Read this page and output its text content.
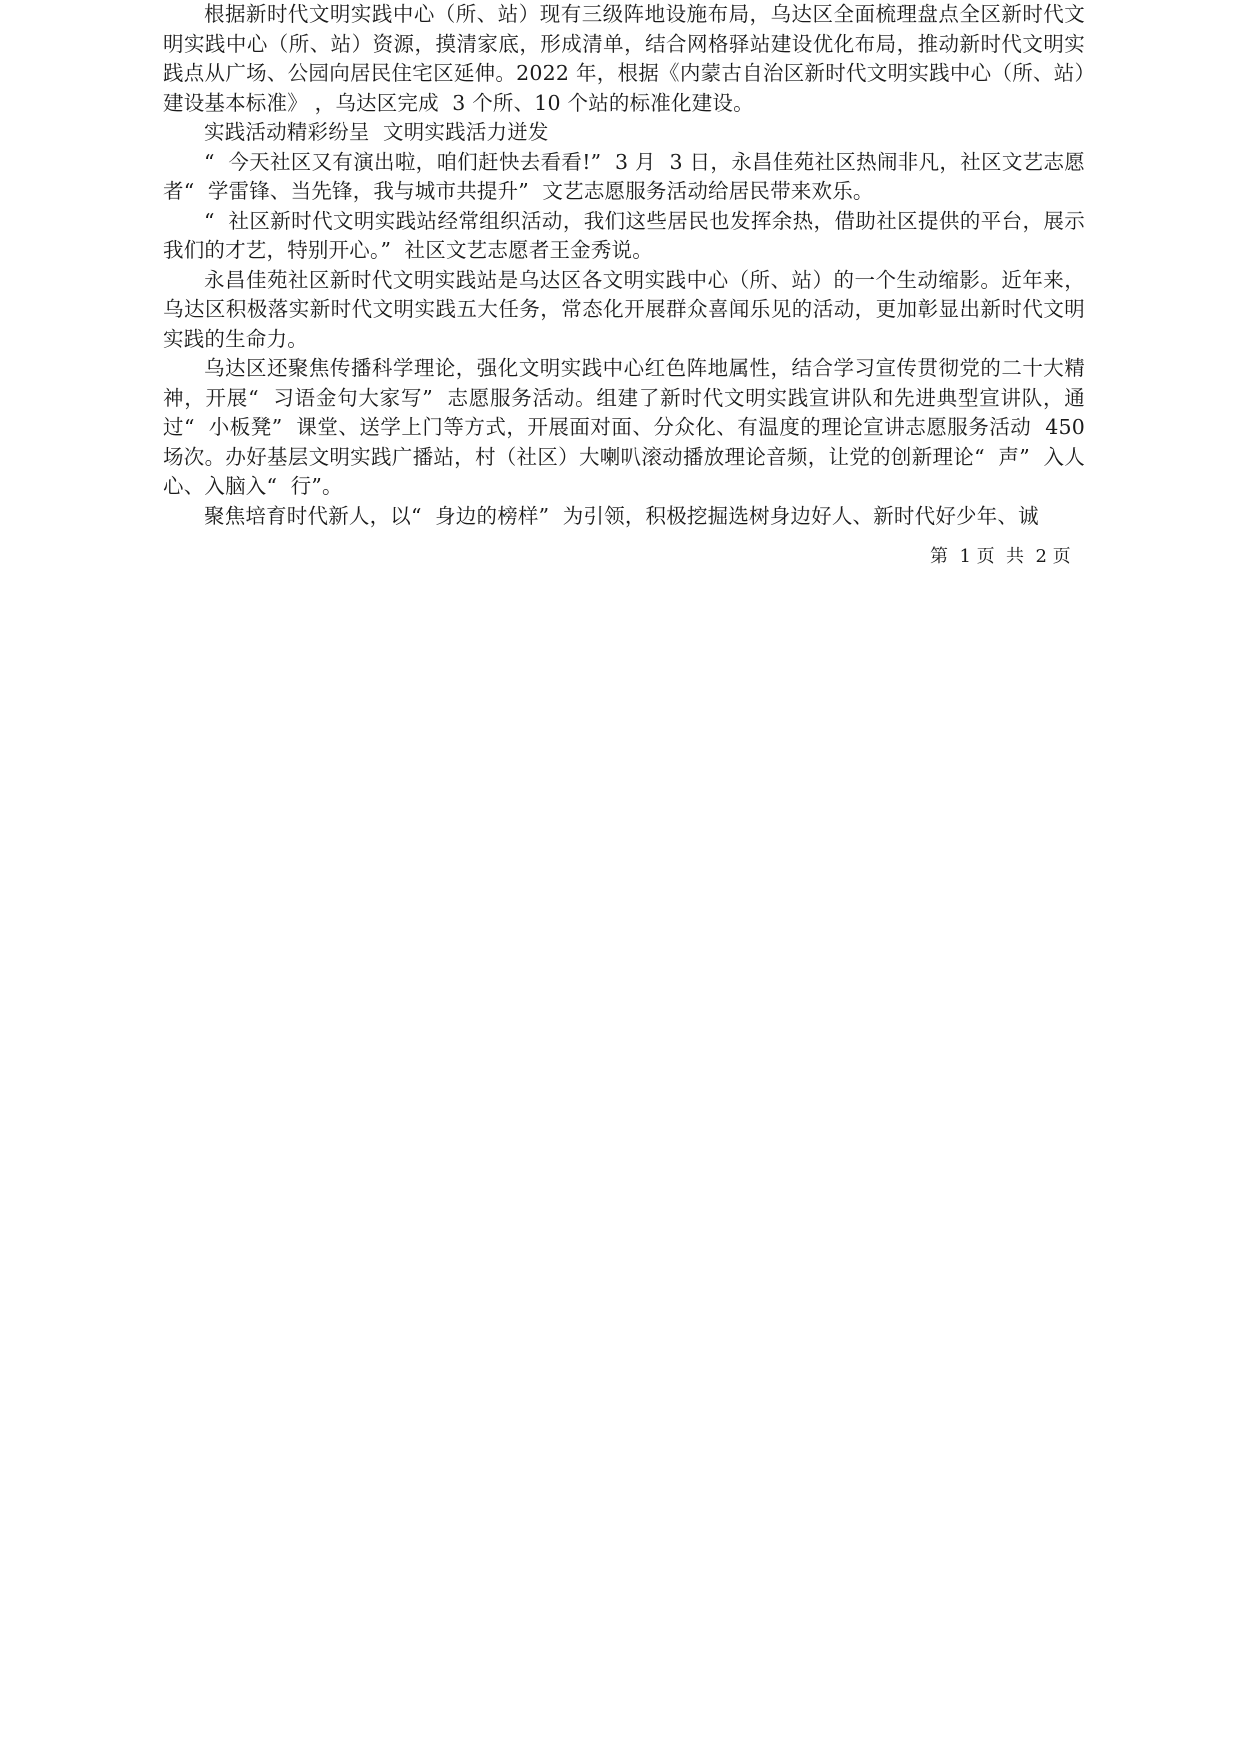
根据新时代文明实践中心（所、站）现有三级阵地设施布局，乌达区全面梳理盘点全区新时代文明实践中心（所、站）资源，摸清家底，形成清单，结合网格驿站建设优化布局，推动新时代文明实践点从广场、公园向居民住宅区延伸。2022 年，根据《内蒙古自治区新时代文明实践中心（所、站）建设基本标准》 ，乌达区完成  3 个所、10 个站的标准化建设。

实践活动精彩纷呈  文明实践活力迸发

“  今天社区又有演出啦，咱们赶快去看看!”  3 月  3 日，永昌佳苑社区热闹非凡，社区文艺志愿者“  学雷锋、当先锋，我与城市共提升”  文艺志愿服务活动给居民带来欢乐。

“  社区新时代文明实践站经常组织活动，我们这些居民也发挥余热，借助社区提供的平台，展示我们的才艺，特别开心。”  社区文艺志愿者王金秀说。

永昌佳苑社区新时代文明实践站是乌达区各文明实践中心（所、站）的一个生动缩影。近年来，乌达区积极落实新时代文明实践五大任务，常态化开展群众喜闻乐见的活动，更加彰显出新时代文明实践的生命力。

乌达区还聚焦传播科学理论，强化文明实践中心红色阵地属性，结合学习宣传贯彻党的二十大精神，开展“  习语金句大家写”  志愿服务活动。组建了新时代文明实践宣讲队和先进典型宣讲队，通过“  小板凳”  课堂、送学上门等方式，开展面对面、分众化、有温度的理论宣讲志愿服务活动  450 场次。办好基层文明实践广播站，村（社区）大喇叭滚动播放理论音频，让党的创新理论“  声”  入人心、入脑入“  行”。

聚焦培育时代新人，以“  身边的榜样”  为引领，积极挖掘选树身边好人、新时代好少年、诚

第  1 页  共  2 页
